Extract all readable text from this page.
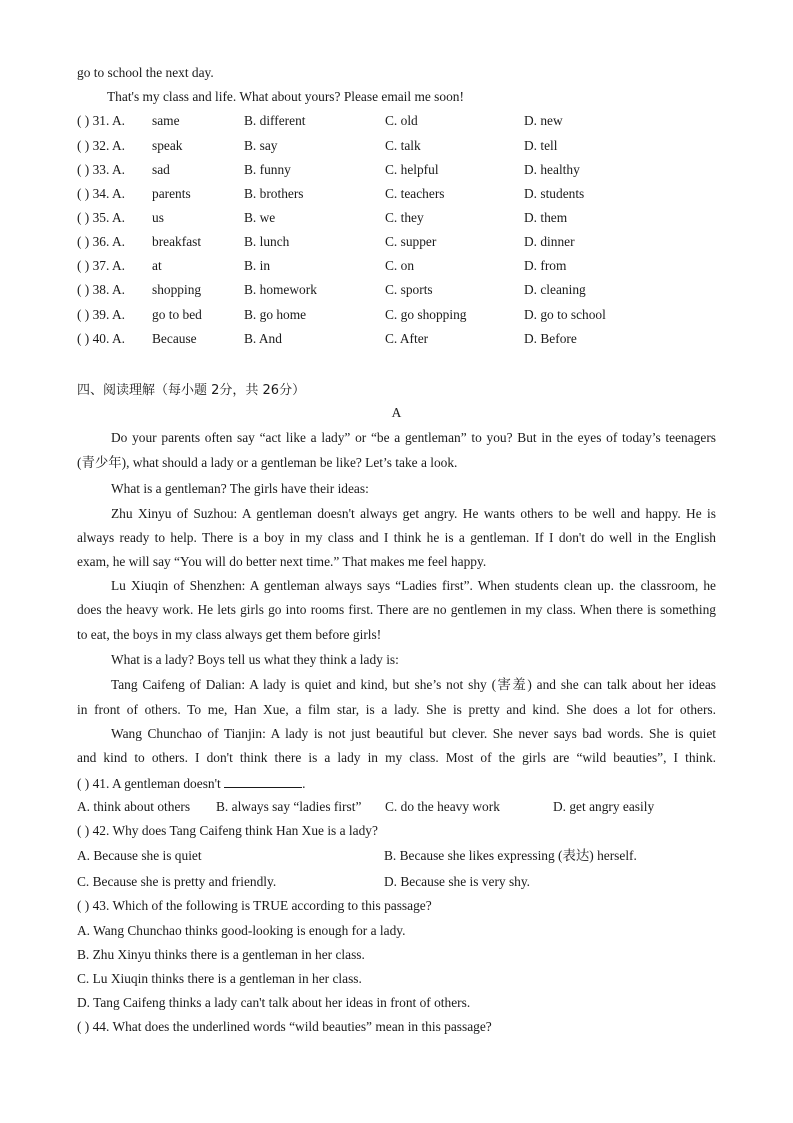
go to school the next day.
That's my class and life. What about yours? Please email me soon!
( ) 31. A. same	B. different	C. old	D. new
( ) 32. A. speak	B. say	C. talk	D. tell
( ) 33. A. sad	B. funny	C. helpful	D. healthy
( ) 34. A. parents	B. brothers	C. teachers	D. students
( ) 35. A. us	B. we	C. they	D. them
( ) 36. A. breakfast	B. lunch	C. supper	D. dinner
( ) 37. A. at	B. in	C. on	D. from
( ) 38. A. shopping	B. homework	C. sports	D. cleaning
( ) 39. A. go to bed	B. go home	C. go shopping	D. go to school
( ) 40. A. Because	B. And	C. After	D. Before
四、阅读理解（每小题 2分，共 26分）
A
Do your parents often say “act like a lady” or “be a gentleman” to you? But in the eyes of today’s teenagers
(青少年), what should a lady or a gentleman be like? Let’s take a look.
What is a gentleman? The girls have their ideas:
Zhu Xinyu of Suzhou: A gentleman doesn't always get angry. He wants others to be well and happy. He is
always ready to help. There is a boy in my class and I think he is a gentleman. If I don't do well in the English
exam, he will say “You will do better next time.” That makes me feel happy.
Lu Xiuqin of Shenzhen: A gentleman always says “Ladies first”. When students clean up. the classroom, he
does the heavy work. He lets girls go into rooms first. There are no gentlemen in my class. When there is something
to eat, the boys in my class always get them before girls!
What is a lady? Boys tell us what they think a lady is:
Tang Caifeng of Dalian: A lady is quiet and kind, but she’s not shy (害羞) and she can talk about her ideas
in front of others. To me, Han Xue, a film star, is a lady. She is pretty and kind. She does a lot for others.
Wang Chunchao of Tianjin: A lady is not just beautiful but clever. She never says bad words. She is quiet
and kind to others. I don't think there is a lady in my class. Most of the girls are “wild beauties”, I think.
( ) 41. A gentleman doesn't	.
A. think about others B. always say “ladies first” C. do the heavy work	D. get angry easily
( ) 42. Why does Tang Caifeng think Han Xue is a lady?
A. Because she is quiet	B. Because she likes expressing (表达) herself.
C. Because she is pretty and friendly.	D. Because she is very shy.
( ) 43. Which of the following is TRUE according to this passage?
A. Wang Chunchao thinks good-looking is enough for a lady.
B. Zhu Xinyu thinks there is a gentleman in her class.
C. Lu Xiuqin thinks there is a gentleman in her class.
D. Tang Caifeng thinks a lady can't talk about her ideas in front of others.
( ) 44. What does the underlined words “wild beauties” mean in this passage?
